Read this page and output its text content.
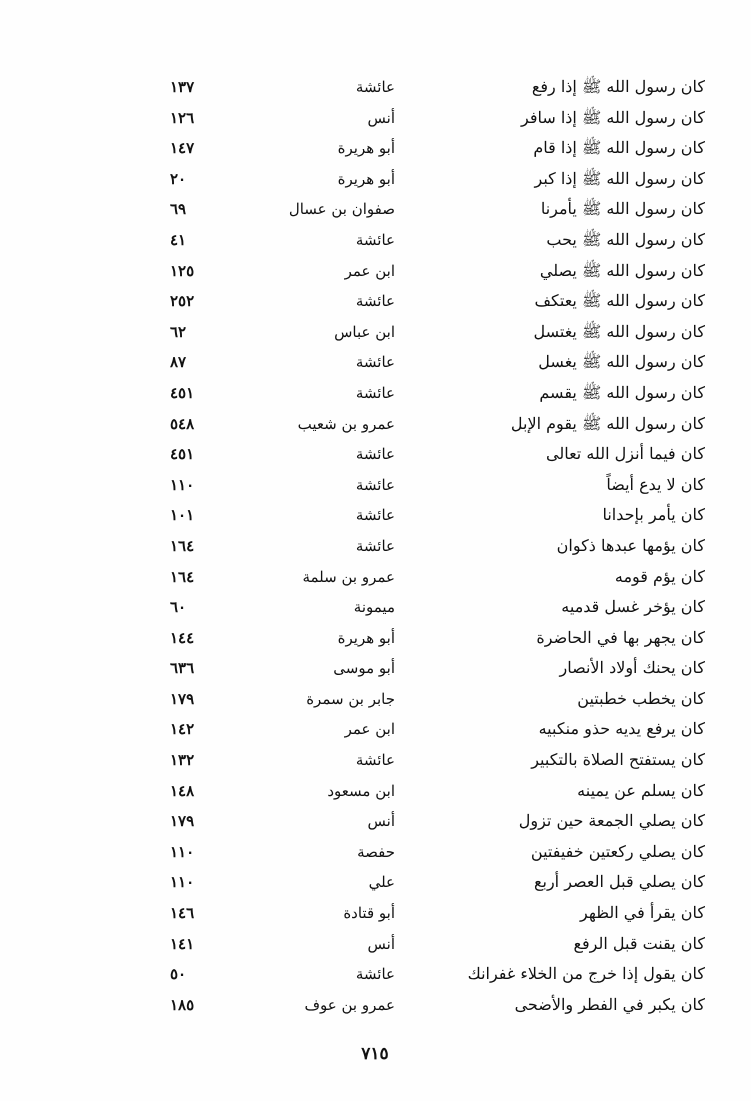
كان رسول الله ﷺ إذا رفع
عائشة
١٣٧
كان رسول الله ﷺ إذا سافر
أنس
١٢٦
كان رسول الله ﷺ إذا قام
أبو هريرة
١٤٧
كان رسول الله ﷺ إذا كبر
أبو هريرة
٢٠
كان رسول الله ﷺ يأمرنا
صفوان بن عسال
٦٩
كان رسول الله ﷺ يحب
عائشة
٤١
كان رسول الله ﷺ يصلي
ابن عمر
١٢٥
كان رسول الله ﷺ يعتكف
عائشة
٢٥٢
كان رسول الله ﷺ يغتسل
ابن عباس
٦٢
كان رسول الله ﷺ يغسل
عائشة
٨٧
كان رسول الله ﷺ يقسم
عائشة
٤٥١
كان رسول الله ﷺ يقوم الإبل
عمرو بن شعيب
٥٤٨
كان فيما أنزل الله تعالى
عائشة
٤٥١
كان لا يدع أيضاً
عائشة
١١٠
كان يأمر بإحدانا
عائشة
١٠١
كان يؤمها عبدها ذكوان
عائشة
١٦٤
كان يؤم قومه
عمرو بن سلمة
١٦٤
كان يؤخر غسل قدميه
ميمونة
٦٠
كان يجهر بها في الحاضرة
أبو هريرة
١٤٤
كان يحنك أولاد الأنصار
أبو موسى
٦٣٦
كان يخطب خطبتين
جابر بن سمرة
١٧٩
كان يرفع يديه حذو منكبيه
ابن عمر
١٤٢
كان يستفتح الصلاة بالتكبير
عائشة
١٣٢
كان يسلم عن يمينه
ابن مسعود
١٤٨
كان يصلي الجمعة حين تزول
أنس
١٧٩
كان يصلي ركعتين خفيفتين
حفصة
١١٠
كان يصلي قبل العصر أربع
علي
١١٠
كان يقرأ في الظهر
أبو قتادة
١٤٦
كان يقنت قبل الرفع
أنس
١٤١
كان يقول إذا خرج من الخلاء غفرانك
عائشة
٥٠
كان يكبر في الفطر والأضحى
عمرو بن عوف
١٨٥
٧١٥
